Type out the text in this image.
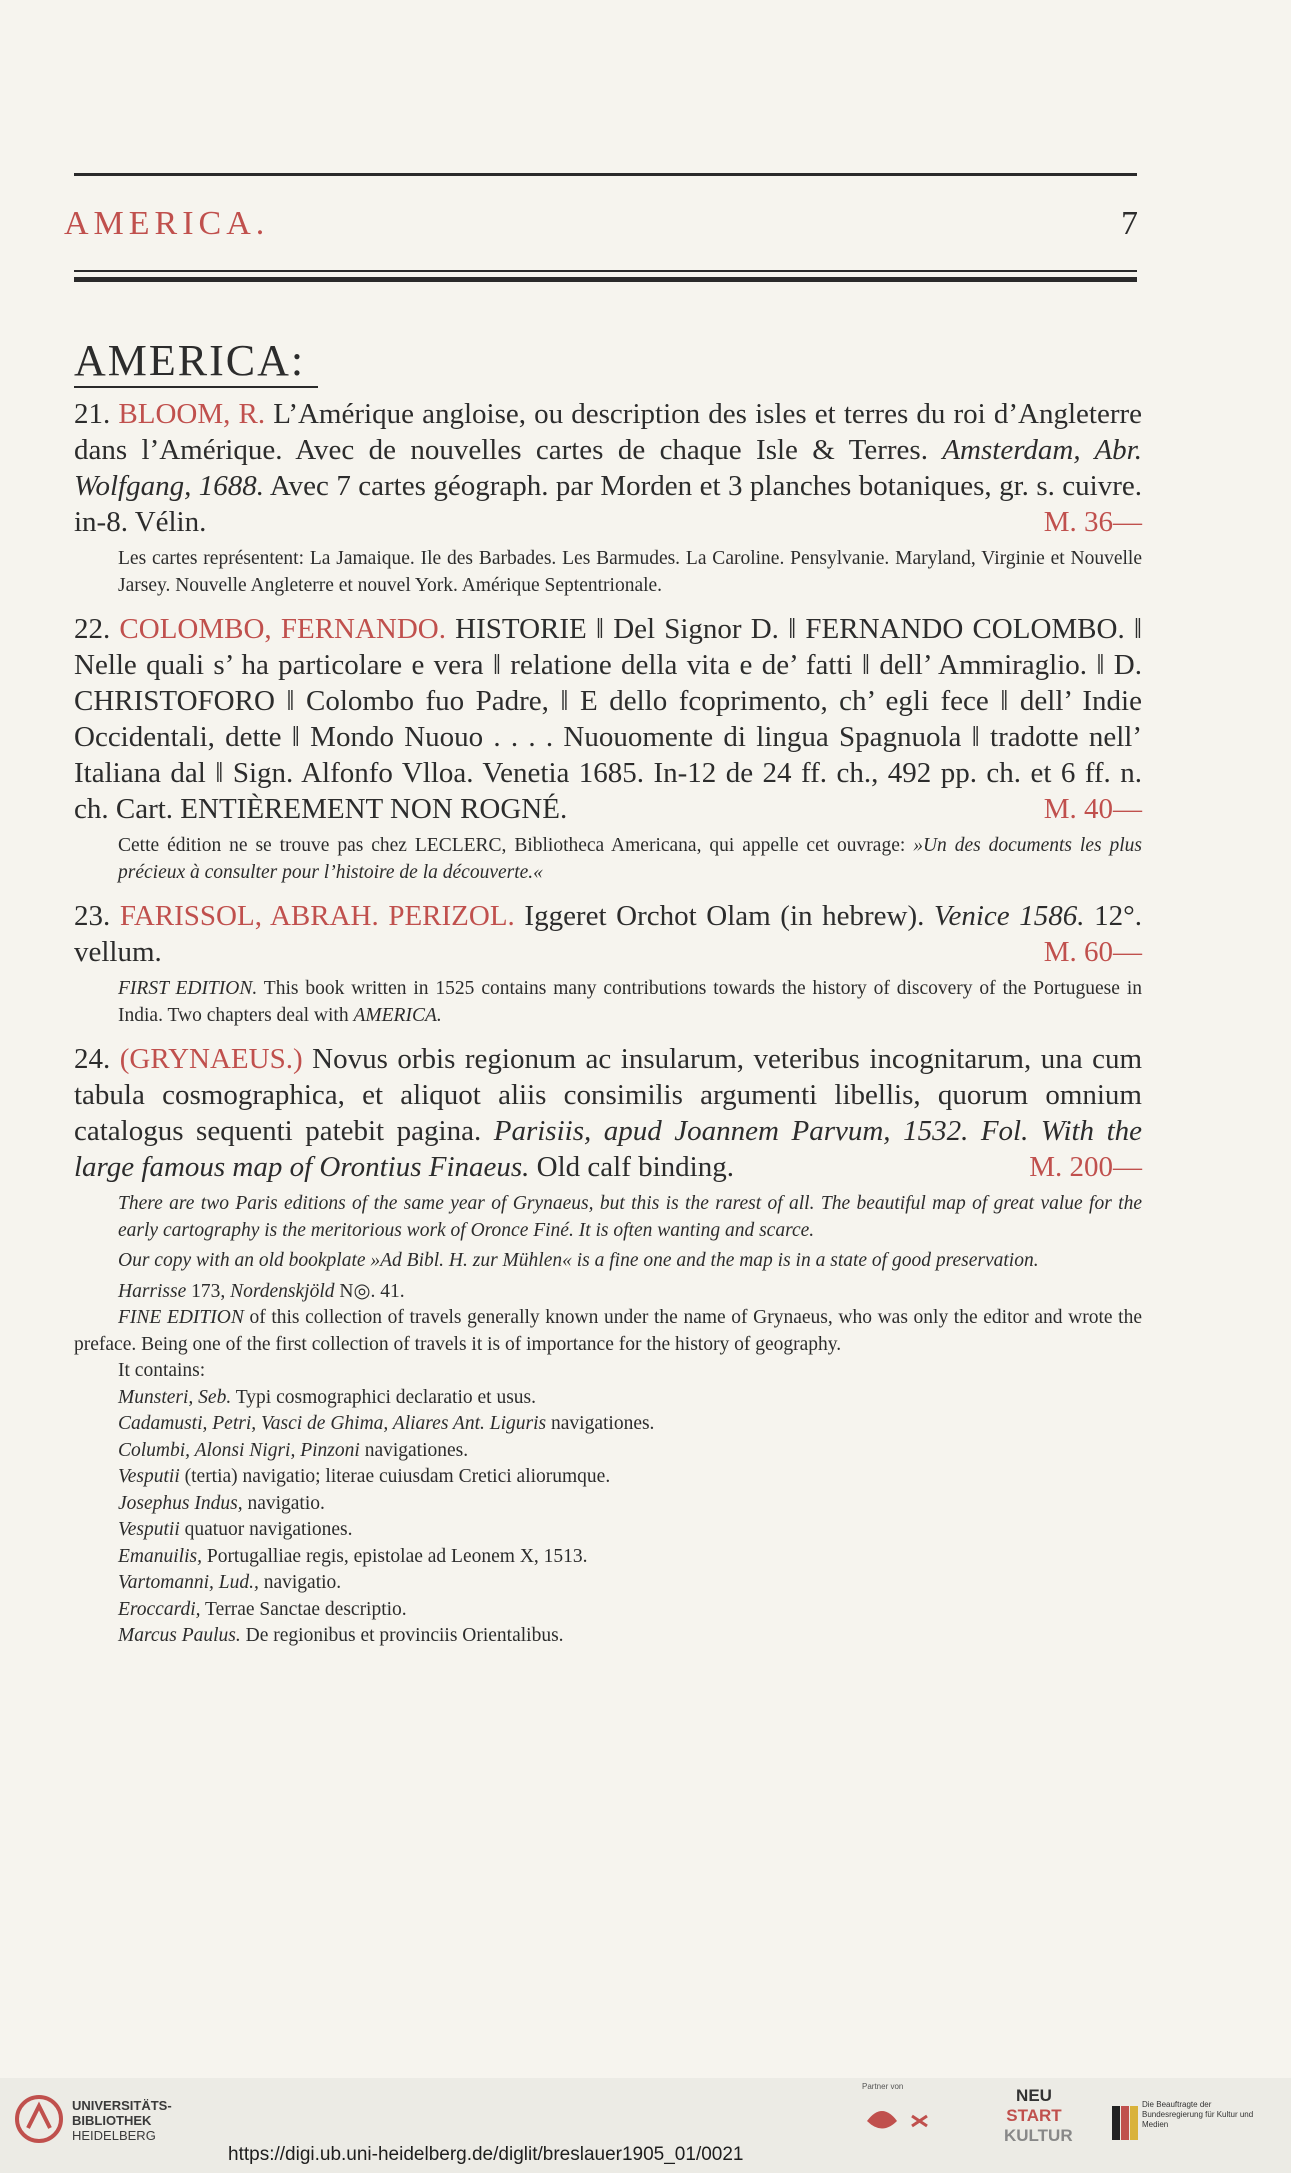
AMERICA.	7
AMERICA:

21. BLOOM, R. L’Amérique angloise, ou description des isles et terres du roi d’Angleterre dans l’Amérique. Avec de nouvelles cartes de chaque Isle & Terres. Amsterdam, Abr. Wolfgang, 1688. Avec 7 cartes géograph. par Morden et 3 planches botaniques, gr. s. cuivre. in-8. Vélin.	M. 36—

Les cartes représentent: La Jamaique. Ile des Barbades. Les Barmudes. La Caroline. Pensylvanie. Maryland, Virginie et Nouvelle Jarsey. Nouvelle Angleterre et nouvel York. Amérique Septentrionale.

22. COLOMBO, FERNANDO. HISTORIE ‖ Del Signor D. ‖ FERNANDO COLOMBO. ‖ Nelle quali s’ ha particolare e vera ‖ relatione della vita e de’ fatti ‖ dell’ Ammiraglio. ‖ D. CHRISTOFORO ‖ Colombo fuo Padre, ‖ E dello fcoprimento, ch’ egli fece ‖ dell’ Indie Occidentali, dette ‖ Mondo Nuouo . . . . Nuouomente di lingua Spagnuola ‖ tradotte nell’ Italiana dal ‖ Sign. Alfonfo Vlloa. Venetia 1685. In-12 de 24 ff. ch., 492 pp. ch. et 6 ff. n. ch. Cart. ENTIÈREMENT NON ROGNÉ.	M. 40—

Cette édition ne se trouve pas chez LECLERC, Bibliotheca Americana, qui appelle cet ouvrage: »Un des documents les plus précieux à consulter pour l’histoire de la découverte.«

23. FARISSOL, ABRAH. PERIZOL. Iggeret Orchot Olam (in hebrew). Venice 1586. 12°. vellum.	M. 60—

FIRST EDITION. This book written in 1525 contains many contributions towards the history of discovery of the Portuguese in India. Two chapters deal with AMERICA.

24. (GRYNAEUS.) Novus orbis regionum ac insularum, veteribus incognitarum, una cum tabula cosmographica, et aliquot aliis consimilis argumenti libellis, quorum omnium catalogus sequenti patebit pagina. Parisiis, apud Joannem Parvum, 1532. Fol. With the large famous map of Orontius Finaeus. Old calf binding.	M. 200—

There are two Paris editions of the same year of Grynaeus, but this is the rarest of all. The beautiful map of great value for the early cartography is the meritorious work of Oronce Finé. It is often wanting and scarce.

Our copy with an old bookplate »Ad Bibl. H. zur Mühlen« is a fine one and the map is in a state of good preservation.

Harrisse 173, Nordenskjöld N◎. 41.

FINE EDITION of this collection of travels generally known under the name of Grynaeus, who was only the editor and wrote the preface. Being one of the first collection of travels it is of importance for the history of geography.

It contains:

Munsteri, Seb. Typi cosmographici declaratio et usus.

Cadamusti, Petri, Vasci de Ghima, Aliares Ant. Liguris navigationes.

Columbi, Alonsi Nigri, Pinzoni navigationes.

Vesputii (tertia) navigatio; literae cuiusdam Cretici aliorumque.

Josephus Indus, navigatio.

Vesputii quatuor navigationes.

Emanuilis, Portugalliae regis, epistolae ad Leonem X, 1513.

Vartomanni, Lud., navigatio.

Eroccardi, Terrae Sanctae descriptio.

Marcus Paulus. De regionibus et provinciis Orientalibus.

UNIVERSITÄTS-
BIBLIOTHEK
HEIDELBERG
https://digi.ub.uni-heidelberg.de/diglit/breslauer1905_01/0021
Partner von	NEU
START
KULTUR
Die Beauftragte der Bundesregierung für Kultur und Medien
